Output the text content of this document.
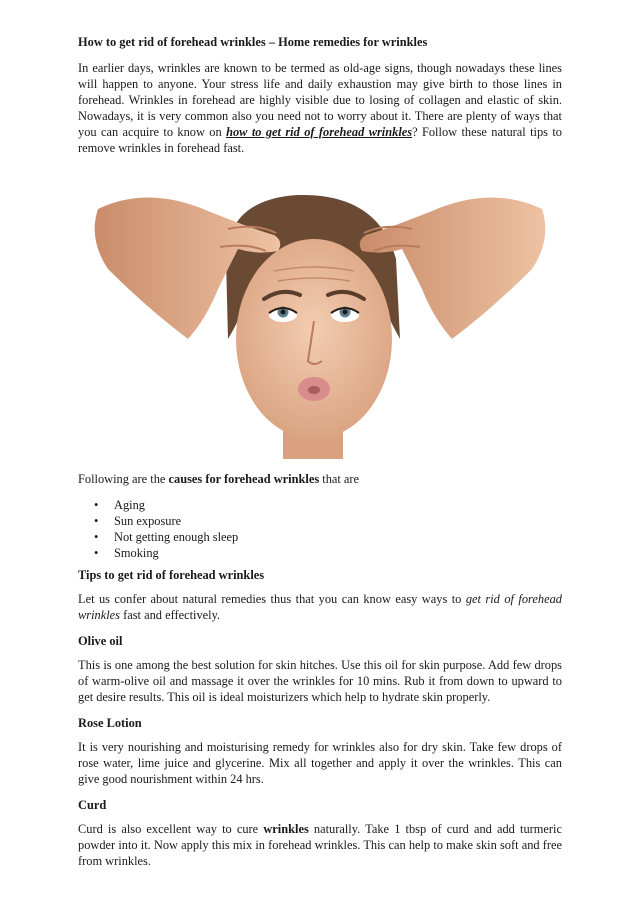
How to get rid of forehead wrinkles – Home remedies for wrinkles

In earlier days, wrinkles are known to be termed as old-age signs, though nowadays these lines will happen to anyone. Your stress life and daily exhaustion may give birth to those lines in forehead. Wrinkles in forehead are highly visible due to losing of collagen and elastic of skin. Nowadays, it is very common also you need not to worry about it. There are plenty of ways that you can acquire to know on how to get rid of forehead wrinkles? Follow these natural tips to remove wrinkles in forehead fast.

Following are the causes for forehead wrinkles that are

• Aging
• Sun exposure
• Not getting enough sleep
• Smoking
Tips to get rid of forehead wrinkles

Let us confer about natural remedies thus that you can know easy ways to get rid of forehead wrinkles fast and effectively.

Olive oil

This is one among the best solution for skin hitches. Use this oil for skin purpose. Add few drops of warm-olive oil and massage it over the wrinkles for 10 mins. Rub it from down to upward to get desire results. This oil is ideal moisturizers which help to hydrate skin properly.

Rose Lotion

It is very nourishing and moisturising remedy for wrinkles also for dry skin. Take few drops of rose water, lime juice and glycerine. Mix all together and apply it over the wrinkles. This can give good nourishment within 24 hrs.

Curd

Curd is also excellent way to cure wrinkles naturally. Take 1 tbsp of curd and add turmeric powder into it. Now apply this mix in forehead wrinkles. This can help to make skin soft and free from wrinkles.
